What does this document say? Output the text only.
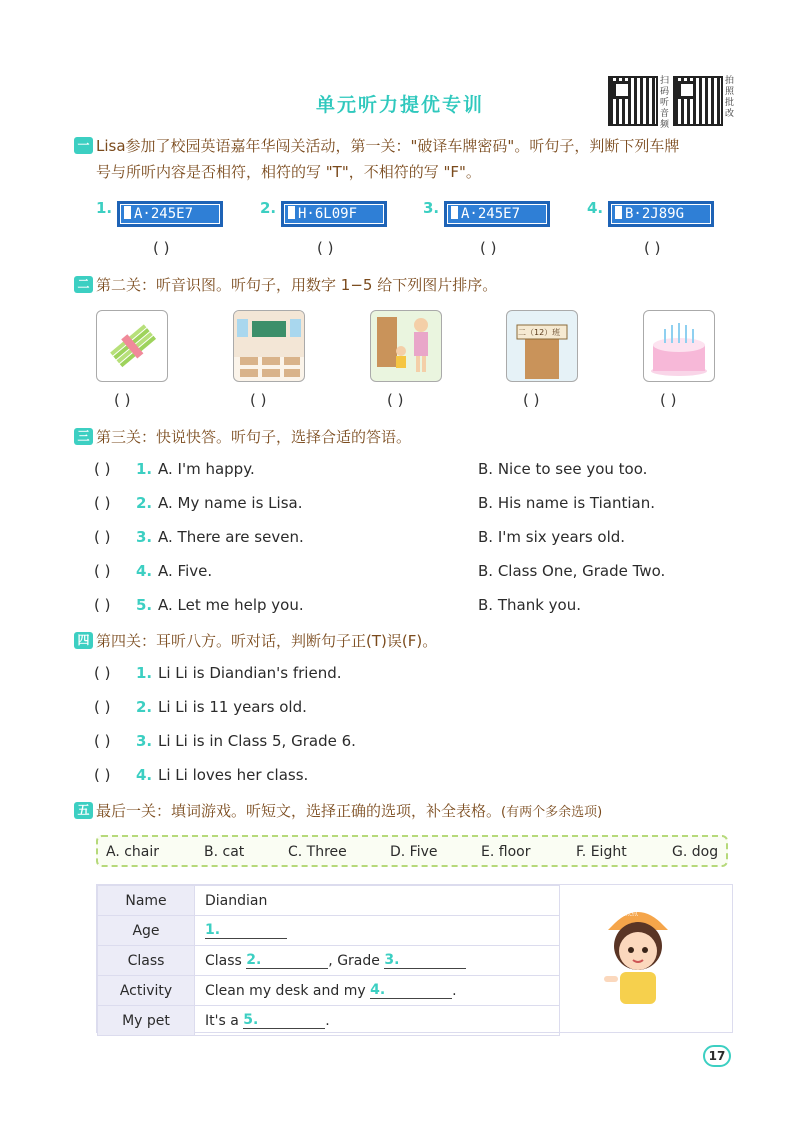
单元听力提优专训
扫码听音频
拍照批改
一 Lisa参加了校园英语嘉年华闯关活动，第一关："破译车牌密码"。听句子，判断下列车牌
号与所听内容是否相符，相符的写 "T"，不相符的写 "F"。
1.	A·245E7	2.	H·6L09F	3.	A·245E7	4.	B·2J89G
( )	( )	( )	( )
二 第二关：听音识图。听句子，用数字 1−5 给下列图片排序。
二（12）班
( )	( )	( )	( )	( )
三 第三关：快说快答。听句子，选择合适的答语。
( ) 1. A. I'm happy.	B. Nice to see you too.
( ) 2. A. My name is Lisa.	B. His name is Tiantian.
( ) 3. A. There are seven.	B. I'm six years old.
( ) 4. A. Five.	B. Class One, Grade Two.
( ) 5. A. Let me help you.	B. Thank you.
四 第四关：耳听八方。听对话，判断句子正(T)误(F)。
( ) 1. Li Li is Diandian's friend.
( ) 2. Li Li is 11 years old.
( ) 3. Li Li is in Class 5, Grade 6.
( ) 4. Li Li loves her class.
五 最后一关：填词游戏。听短文，选择正确的选项，补全表格。(有两个多余选项)
A. chair	B. cat	C. Three	D. Five	E. floor	F. Eight	G. dog
Name	Diandian
Age	1.
Class	Class 2. , Grade 3.
Activity	Clean my desk and my 4. .
My pet	It's a 5. .
点点
17
